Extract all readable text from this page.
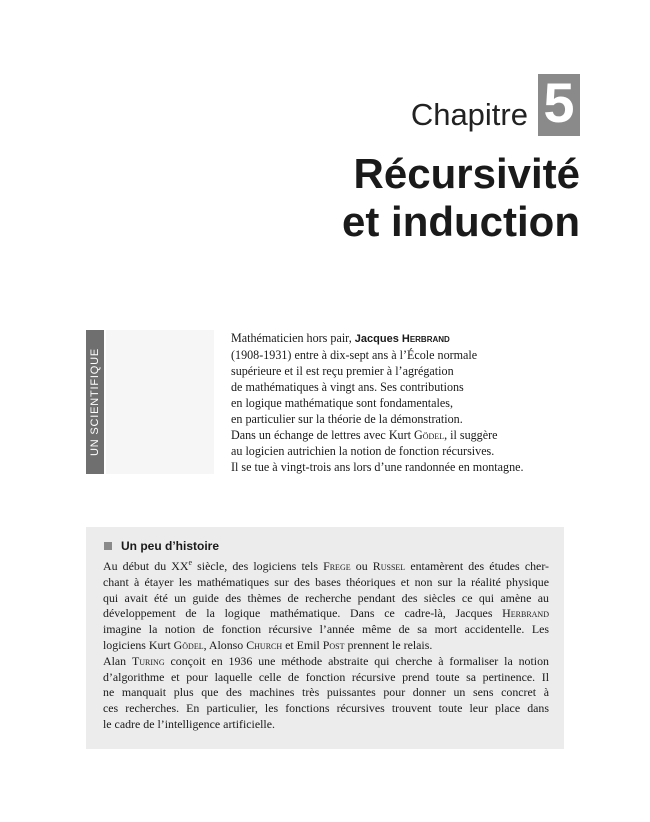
Chapitre 5
Récursivité
et induction
UN SCIENTIFIQUE
Mathématicien hors pair, Jacques Herbrand
(1908-1931) entre à dix-sept ans à l’École normale
supérieure et il est reçu premier à l’agrégation
de mathématiques à vingt ans. Ses contributions
en logique mathématique sont fondamentales,
en particulier sur la théorie de la démonstration.
Dans un échange de lettres avec Kurt Gödel, il suggère
au logicien autrichien la notion de fonction récursives.
Il se tue à vingt-trois ans lors d’une randonnée en montagne.
Un peu d’histoire
Au début du XXe siècle, des logiciens tels Frege ou Russel entamèrent des études cher-
chant à étayer les mathématiques sur des bases théoriques et non sur la réalité physique
qui avait été un guide des thèmes de recherche pendant des siècles ce qui amène au
développement de la logique mathématique. Dans ce cadre-là, Jacques Herbrand
imagine la notion de fonction récursive l’année même de sa mort accidentelle. Les
logiciens Kurt Gödel, Alonso Church et Emil Post prennent le relais.
Alan Turing conçoit en 1936 une méthode abstraite qui cherche à formaliser la notion
d’algorithme et pour laquelle celle de fonction récursive prend toute sa pertinence. Il
ne manquait plus que des machines très puissantes pour donner un sens concret à
ces recherches. En particulier, les fonctions récursives trouvent toute leur place dans
le cadre de l’intelligence artificielle.
